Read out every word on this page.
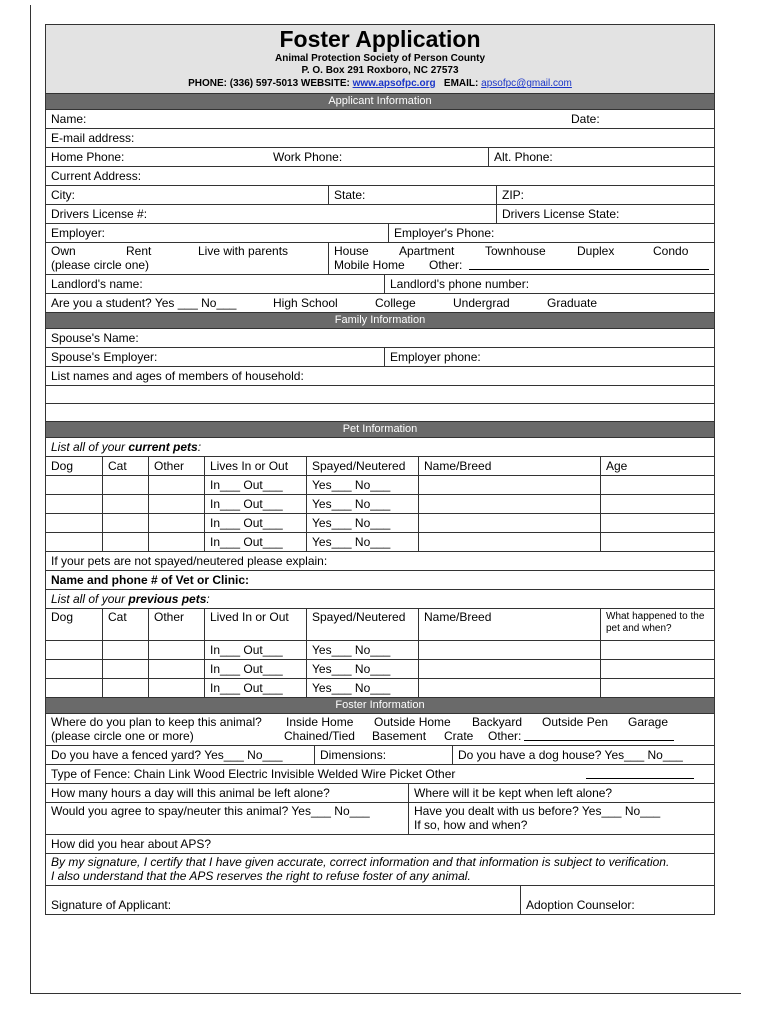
Foster Application
Animal Protection Society of Person County
P. O. Box 291 Roxboro, NC 27573
PHONE: (336) 597-5013 WEBSITE: www.apsofpc.org EMAIL: apsofpc@gmail.com
Applicant Information
Name:	Date:
E-mail address:
Home Phone:	Work Phone:	Alt. Phone:
Current Address:
City:	State:	ZIP:
Drivers License #:	Drivers License State:
Employer:	Employer's Phone:
Own	Rent	Live with parents

(please circle one)
House	Apartment	Townhouse	Duplex	Condo

Mobile Home Other:
Landlord's name:	Landlord's phone number:
Are you a student? Yes ___ No___	High School	College	Undergrad	Graduate
Family Information
Spouse's Name:
Spouse's Employer:	Employer phone:
List names and ages of members of household:
Pet Information
List all of your current pets:
Dog	Cat	Other	Lives In or Out	Spayed/Neutered	Name/Breed	Age
In___ Out___	Yes___ No___
In___ Out___	Yes___ No___
In___ Out___	Yes___ No___
In___ Out___	Yes___ No___
If your pets are not spayed/neutered please explain:
Name and phone # of Vet or Clinic:
List all of your previous pets:
Dog	Cat	Other	Lived In or Out	Spayed/Neutered	Name/Breed	What happened to the pet and when?
In___ Out___	Yes___ No___
In___ Out___	Yes___ No___
In___ Out___	Yes___ No___
Foster Information
Where do you plan to keep this animal? Inside Home Outside Home Backyard Outside Pen Garage

(please circle one or more)	Chained/Tied Basement Crate Other:
Do you have a fenced yard? Yes___ No___	Dimensions:	Do you have a dog house? Yes___ No___
Type of Fence: Chain Link Wood Electric Invisible Welded Wire Picket Other
How many hours a day will this animal be left alone?	Where will it be kept when left alone?
Would you agree to spay/neuter this animal? Yes___ No___	Have you dealt with us before? Yes___ No___
If so, how and when?
How did you hear about APS?
By my signature, I certify that I have given accurate, correct information and that information is subject to verification.
I also understand that the APS reserves the right to refuse foster of any animal.
Signature of Applicant:	Adoption Counselor:
